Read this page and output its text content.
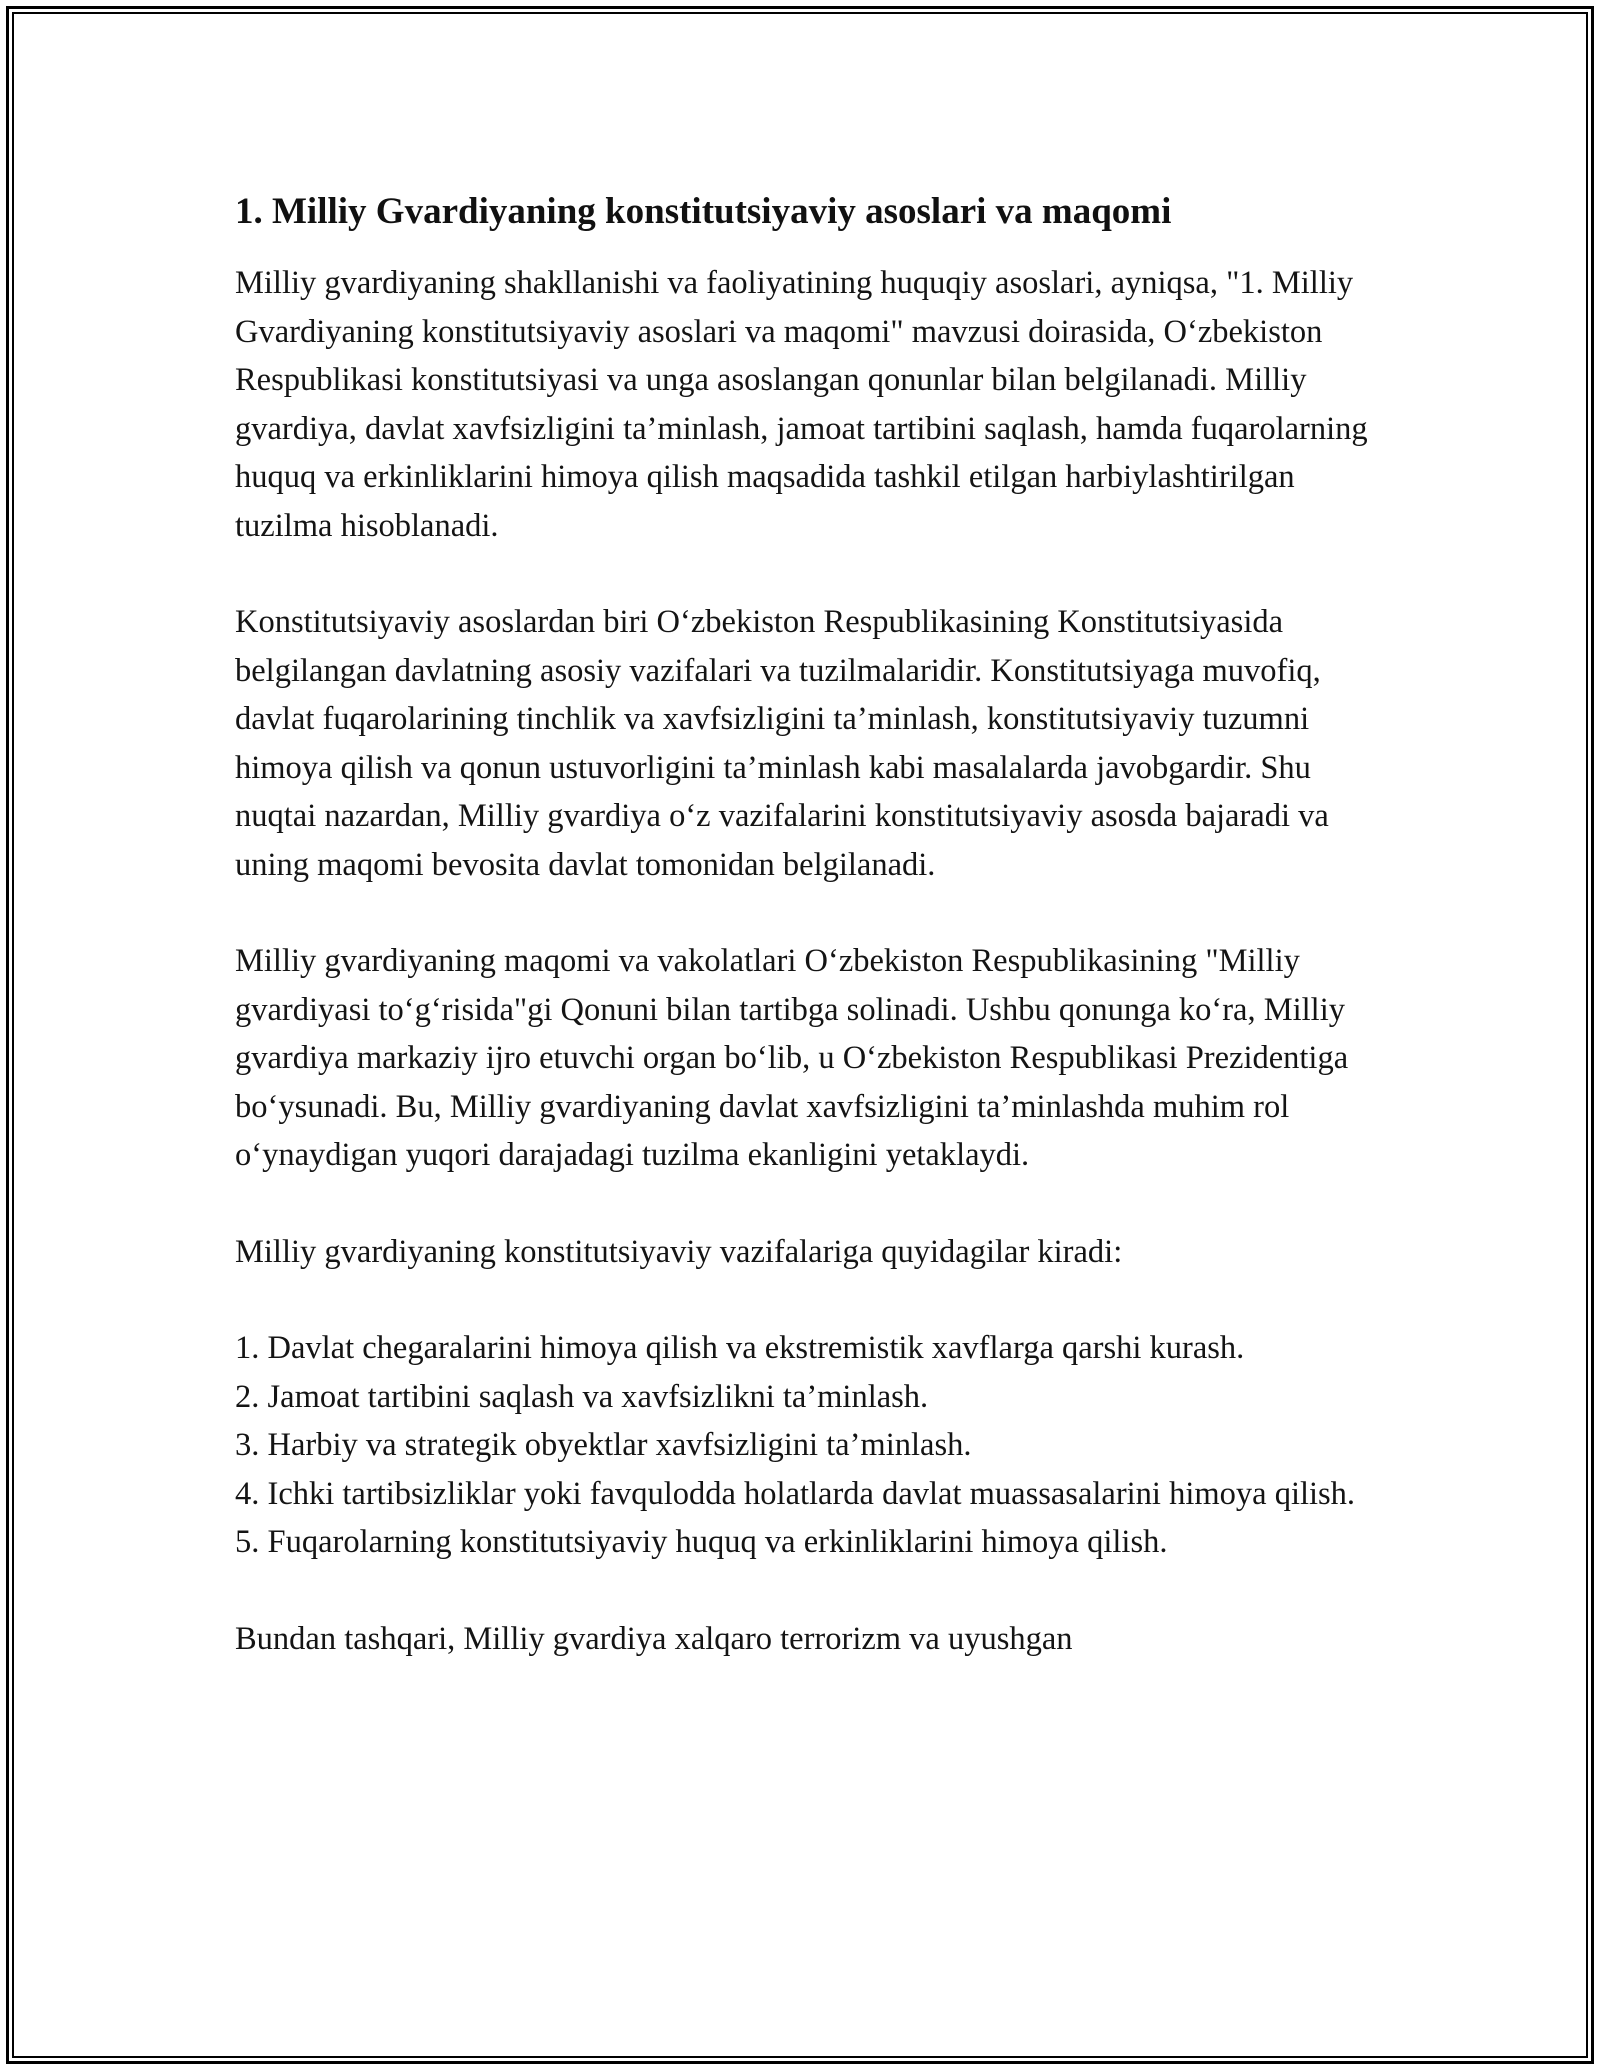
1. Milliy Gvardiyaning konstitutsiyaviy asoslari va maqomi

Milliy gvardiyaning shakllanishi va faoliyatining huquqiy asoslari, ayniqsa, "1. Milliy Gvardiyaning konstitutsiyaviy asoslari va maqomi" mavzusi doirasida, O‘zbekiston Respublikasi konstitutsiyasi va unga asoslangan qonunlar bilan belgilanadi. Milliy gvardiya, davlat xavfsizligini ta’minlash, jamoat tartibini saqlash, hamda fuqarolarning huquq va erkinliklarini himoya qilish maqsadida tashkil etilgan harbiylashtirilgan tuzilma hisoblanadi.

Konstitutsiyaviy asoslardan biri O‘zbekiston Respublikasining Konstitutsiyasida belgilangan davlatning asosiy vazifalari va tuzilmalaridir. Konstitutsiyaga muvofiq, davlat fuqarolarining tinchlik va xavfsizligini ta’minlash, konstitutsiyaviy tuzumni himoya qilish va qonun ustuvorligini ta’minlash kabi masalalarda javobgardir. Shu nuqtai nazardan, Milliy gvardiya o‘z vazifalarini konstitutsiyaviy asosda bajaradi va uning maqomi bevosita davlat tomonidan belgilanadi.

Milliy gvardiyaning maqomi va vakolatlari O‘zbekiston Respublikasining "Milliy gvardiyasi to‘g‘risida"gi Qonuni bilan tartibga solinadi. Ushbu qonunga ko‘ra, Milliy gvardiya markaziy ijro etuvchi organ bo‘lib, u O‘zbekiston Respublikasi Prezidentiga bo‘ysunadi. Bu, Milliy gvardiyaning davlat xavfsizligini ta’minlashda muhim rol o‘ynaydigan yuqori darajadagi tuzilma ekanligini yetaklaydi.

Milliy gvardiyaning konstitutsiyaviy vazifalariga quyidagilar kiradi:

1. Davlat chegaralarini himoya qilish va ekstremistik xavflarga qarshi kurash.
2. Jamoat tartibini saqlash va xavfsizlikni ta’minlash.
3. Harbiy va strategik obyektlar xavfsizligini ta’minlash.
4. Ichki tartibsizliklar yoki favqulodda holatlarda davlat muassasalarini himoya qilish.
5. Fuqarolarning konstitutsiyaviy huquq va erkinliklarini himoya qilish.

Bundan tashqari, Milliy gvardiya xalqaro terrorizm va uyushgan
